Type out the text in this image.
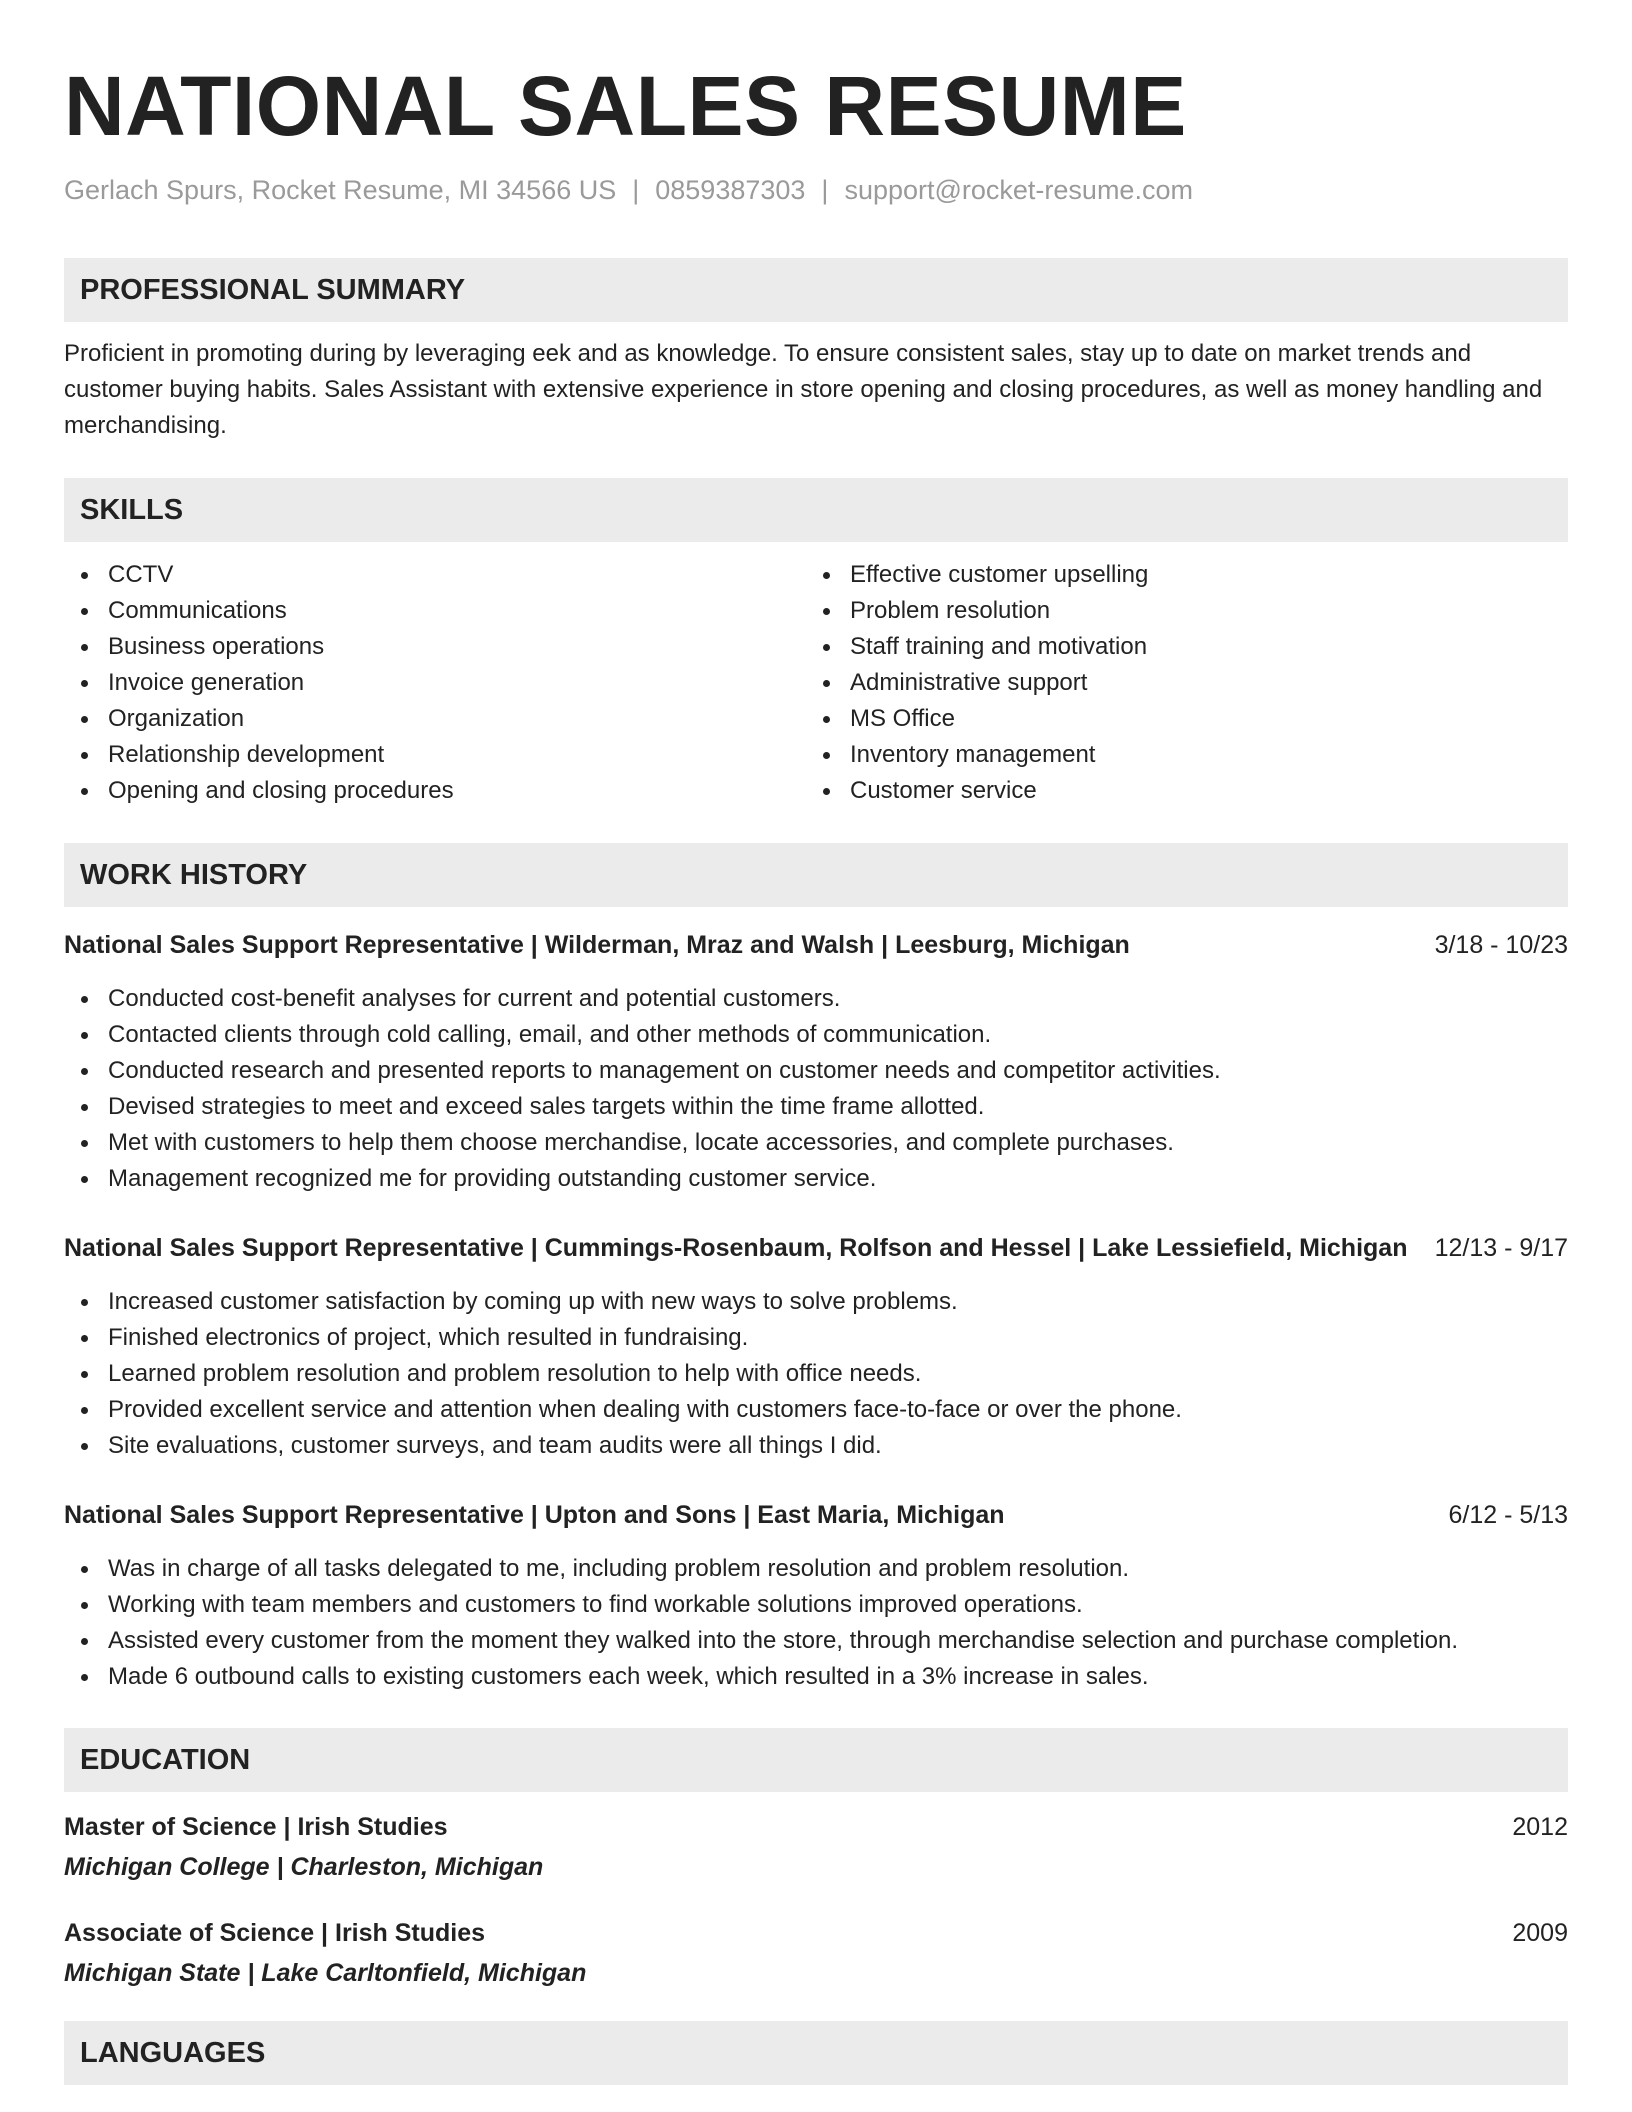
NATIONAL SALES RESUME
Gerlach Spurs, Rocket Resume, MI 34566 US | 0859387303 | support@rocket-resume.com
PROFESSIONAL SUMMARY

Proficient in promoting during by leveraging eek and as knowledge. To ensure consistent sales, stay up to date on market trends and customer buying habits. Sales Assistant with extensive experience in store opening and closing procedures, as well as money handling and merchandising.

SKILLS
CCTV
Communications
Business operations
Invoice generation
Organization
Relationship development
Opening and closing procedures
Effective customer upselling
Problem resolution
Staff training and motivation
Administrative support
MS Office
Inventory management
Customer service
WORK HISTORY
National Sales Support Representative | Wilderman, Mraz and Walsh | Leesburg, Michigan	3/18 - 10/23
Conducted cost-benefit analyses for current and potential customers.
Contacted clients through cold calling, email, and other methods of communication.
Conducted research and presented reports to management on customer needs and competitor activities.
Devised strategies to meet and exceed sales targets within the time frame allotted.
Met with customers to help them choose merchandise, locate accessories, and complete purchases.
Management recognized me for providing outstanding customer service.
National Sales Support Representative | Cummings-Rosenbaum, Rolfson and Hessel | Lake Lessiefield, Michigan 12/13 - 9/17
Increased customer satisfaction by coming up with new ways to solve problems.
Finished electronics of project, which resulted in fundraising.
Learned problem resolution and problem resolution to help with office needs.
Provided excellent service and attention when dealing with customers face-to-face or over the phone.
Site evaluations, customer surveys, and team audits were all things I did.
National Sales Support Representative | Upton and Sons | East Maria, Michigan	6/12 - 5/13
Was in charge of all tasks delegated to me, including problem resolution and problem resolution.
Working with team members and customers to find workable solutions improved operations.
Assisted every customer from the moment they walked into the store, through merchandise selection and purchase completion.
Made 6 outbound calls to existing customers each week, which resulted in a 3% increase in sales.
EDUCATION
Master of Science | Irish Studies	2012
Michigan College | Charleston, Michigan
Associate of Science | Irish Studies	2009
Michigan State | Lake Carltonfield, Michigan
LANGUAGES
